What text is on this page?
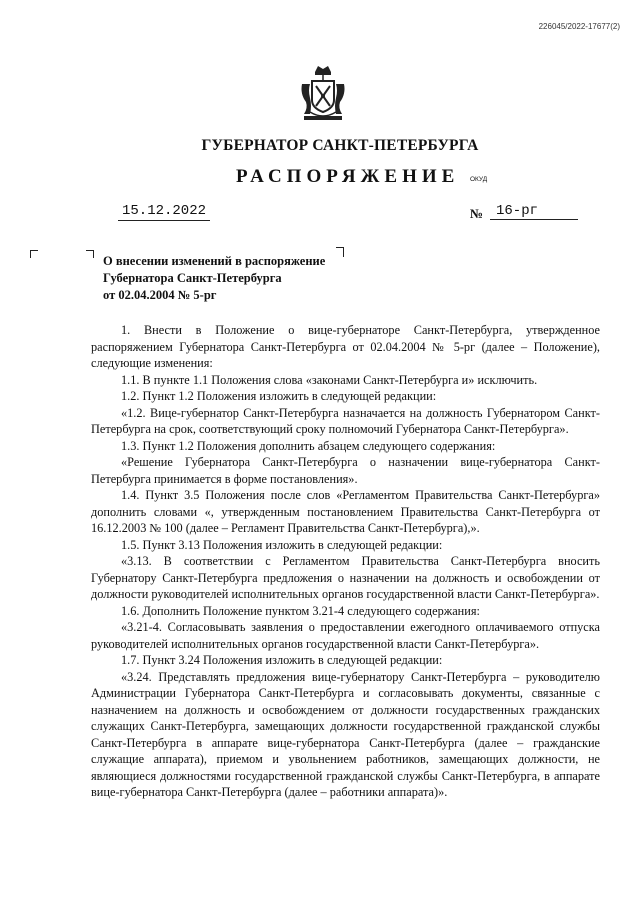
226045/2022-17677(2)
ГУБЕРНАТОР САНКТ-ПЕТЕРБУРГА
РАСПОРЯЖЕНИЕ ОКУД
15.12.2022	№ 16-рг
О внесении изменений в распоряжение
Губернатора Санкт-Петербурга
от 02.04.2004 № 5-рг

1. Внести в Положение о вице-губернаторе Санкт-Петербурга, утвержденное распоряжением Губернатора Санкт-Петербурга от 02.04.2004 № 5-рг (далее – Положение), следующие изменения:

1.1. В пункте 1.1 Положения слова «законами Санкт-Петербурга и» исключить.

1.2. Пункт 1.2 Положения изложить в следующей редакции:

«1.2. Вице-губернатор Санкт-Петербурга назначается на должность Губернатором Санкт-Петербурга на срок, соответствующий сроку полномочий Губернатора Санкт-Петербурга».

1.3. Пункт 1.2 Положения дополнить абзацем следующего содержания:

«Решение Губернатора Санкт-Петербурга о назначении вице-губернатора Санкт-Петербурга принимается в форме постановления».

1.4. Пункт 3.5 Положения после слов «Регламентом Правительства Санкт-Петербурга» дополнить словами «, утвержденным постановлением Правительства Санкт-Петербурга от 16.12.2003 № 100 (далее – Регламент Правительства Санкт-Петербурга),».

1.5. Пункт 3.13 Положения изложить в следующей редакции:

«3.13. В соответствии с Регламентом Правительства Санкт-Петербурга вносить Губернатору Санкт-Петербурга предложения о назначении на должность и освобождении от должности руководителей исполнительных органов государственной власти Санкт-Петербурга».

1.6. Дополнить Положение пунктом 3.21-4 следующего содержания:

«3.21-4. Согласовывать заявления о предоставлении ежегодного оплачиваемого отпуска руководителей исполнительных органов государственной власти Санкт-Петербурга».

1.7. Пункт 3.24 Положения изложить в следующей редакции:

«3.24. Представлять предложения вице-губернатору Санкт-Петербурга – руководителю Администрации Губернатора Санкт-Петербурга и согласовывать документы, связанные с назначением на должность и освобождением от должности государственных гражданских служащих Санкт-Петербурга, замещающих должности государственной гражданской службы Санкт-Петербурга в аппарате вице-губернатора Санкт-Петербурга (далее – гражданские служащие аппарата), приемом и увольнением работников, замещающих должности, не являющиеся должностями государственной гражданской службы Санкт-Петербурга, в аппарате вице-губернатора Санкт-Петербурга (далее – работники аппарата)».
